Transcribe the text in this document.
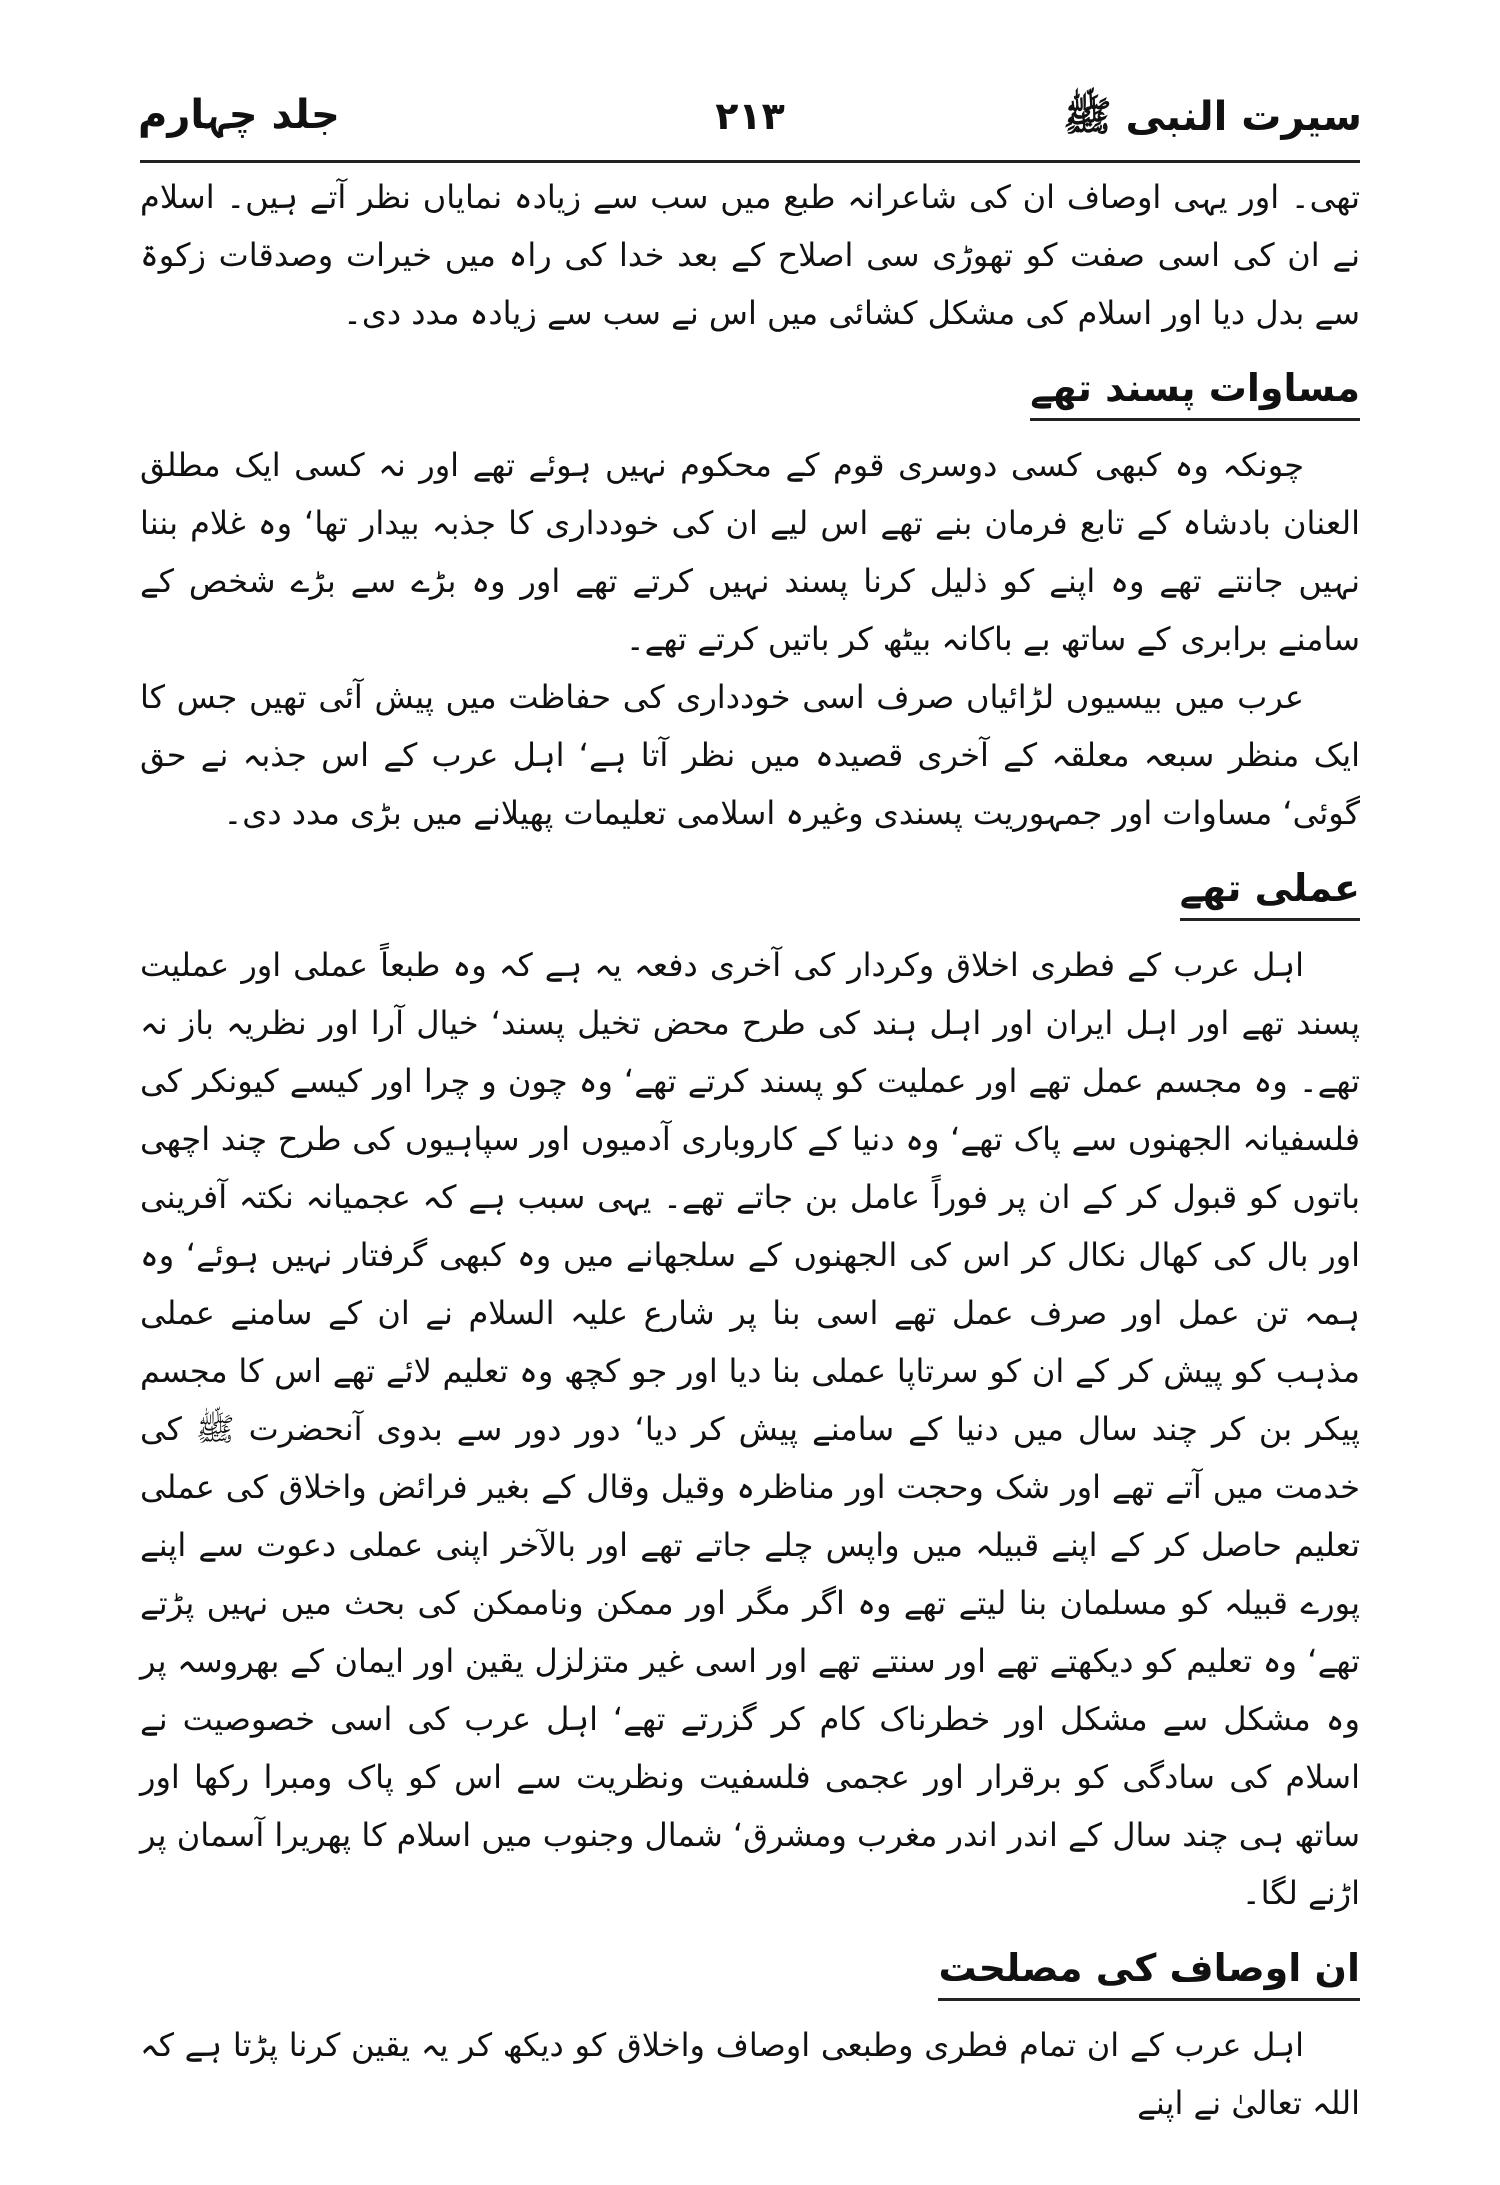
سیرت النبی ﷺ
۲۱۳
جلد چہارم

تھی۔ اور یہی اوصاف ان کی شاعرانہ طبع میں سب سے زیادہ نمایاں نظر آتے ہیں۔ اسلام نے ان کی اسی صفت کو تھوڑی سی اصلاح کے بعد خدا کی راہ میں خیرات وصدقات زکوۃ سے بدل دیا اور اسلام کی مشکل کشائی میں اس نے سب سے زیادہ مدد دی۔

مساوات پسند تھے

چونکہ وہ کبھی کسی دوسری قوم کے محکوم نہیں ہوئے تھے اور نہ کسی ایک مطلق العنان بادشاہ کے تابع فرمان بنے تھے اس لیے ان کی خودداری کا جذبہ بیدار تھا‘ وہ غلام بننا نہیں جانتے تھے وہ اپنے کو ذلیل کرنا پسند نہیں کرتے تھے اور وہ بڑے سے بڑے شخص کے سامنے برابری کے ساتھ بے باکانہ بیٹھ کر باتیں کرتے تھے۔

عرب میں بیسیوں لڑائیاں صرف اسی خودداری کی حفاظت میں پیش آئی تھیں جس کا ایک منظر سبعہ معلقہ کے آخری قصیدہ میں نظر آتا ہے‘ اہل عرب کے اس جذبہ نے حق گوئی‘ مساوات اور جمہوریت پسندی وغیرہ اسلامی تعلیمات پھیلانے میں بڑی مدد دی۔

عملی تھے

اہل عرب کے فطری اخلاق وکردار کی آخری دفعہ یہ ہے کہ وہ طبعاً عملی اور عملیت پسند تھے اور اہل ایران اور اہل ہند کی طرح محض تخیل پسند‘ خیال آرا اور نظریہ باز نہ تھے۔ وہ مجسم عمل تھے اور عملیت کو پسند کرتے تھے‘ وہ چون و چرا اور کیسے کیونکر کی فلسفیانہ الجھنوں سے پاک تھے‘ وہ دنیا کے کاروباری آدمیوں اور سپاہیوں کی طرح چند اچھی باتوں کو قبول کر کے ان پر فوراً عامل بن جاتے تھے۔ یہی سبب ہے کہ عجمیانہ نکتہ آفرینی اور بال کی کھال نکال کر اس کی الجھنوں کے سلجھانے میں وہ کبھی گرفتار نہیں ہوئے‘ وہ ہمہ تن عمل اور صرف عمل تھے اسی بنا پر شارع علیہ السلام نے ان کے سامنے عملی مذہب کو پیش کر کے ان کو سرتاپا عملی بنا دیا اور جو کچھ وہ تعلیم لائے تھے اس کا مجسم پیکر بن کر چند سال میں دنیا کے سامنے پیش کر دیا‘ دور دور سے بدوی آنحضرت ﷺ کی خدمت میں آتے تھے اور شک وحجت اور مناظرہ وقیل وقال کے بغیر فرائض واخلاق کی عملی تعلیم حاصل کر کے اپنے قبیلہ میں واپس چلے جاتے تھے اور بالآخر اپنی عملی دعوت سے اپنے پورے قبیلہ کو مسلمان بنا لیتے تھے وہ اگر مگر اور ممکن وناممکن کی بحث میں نہیں پڑتے تھے‘ وہ تعلیم کو دیکھتے تھے اور سنتے تھے اور اسی غیر متزلزل یقین اور ایمان کے بھروسہ پر وہ مشکل سے مشکل اور خطرناک کام کر گزرتے تھے‘ اہل عرب کی اسی خصوصیت نے اسلام کی سادگی کو برقرار اور عجمی فلسفیت ونظریت سے اس کو پاک ومبرا رکھا اور ساتھ ہی چند سال کے اندر اندر مغرب ومشرق‘ شمال وجنوب میں اسلام کا پھریرا آسمان پر اڑنے لگا۔

ان اوصاف کی مصلحت

اہل عرب کے ان تمام فطری وطبعی اوصاف واخلاق کو دیکھ کر یہ یقین کرنا پڑتا ہے کہ اللہ تعالیٰ نے اپنے
